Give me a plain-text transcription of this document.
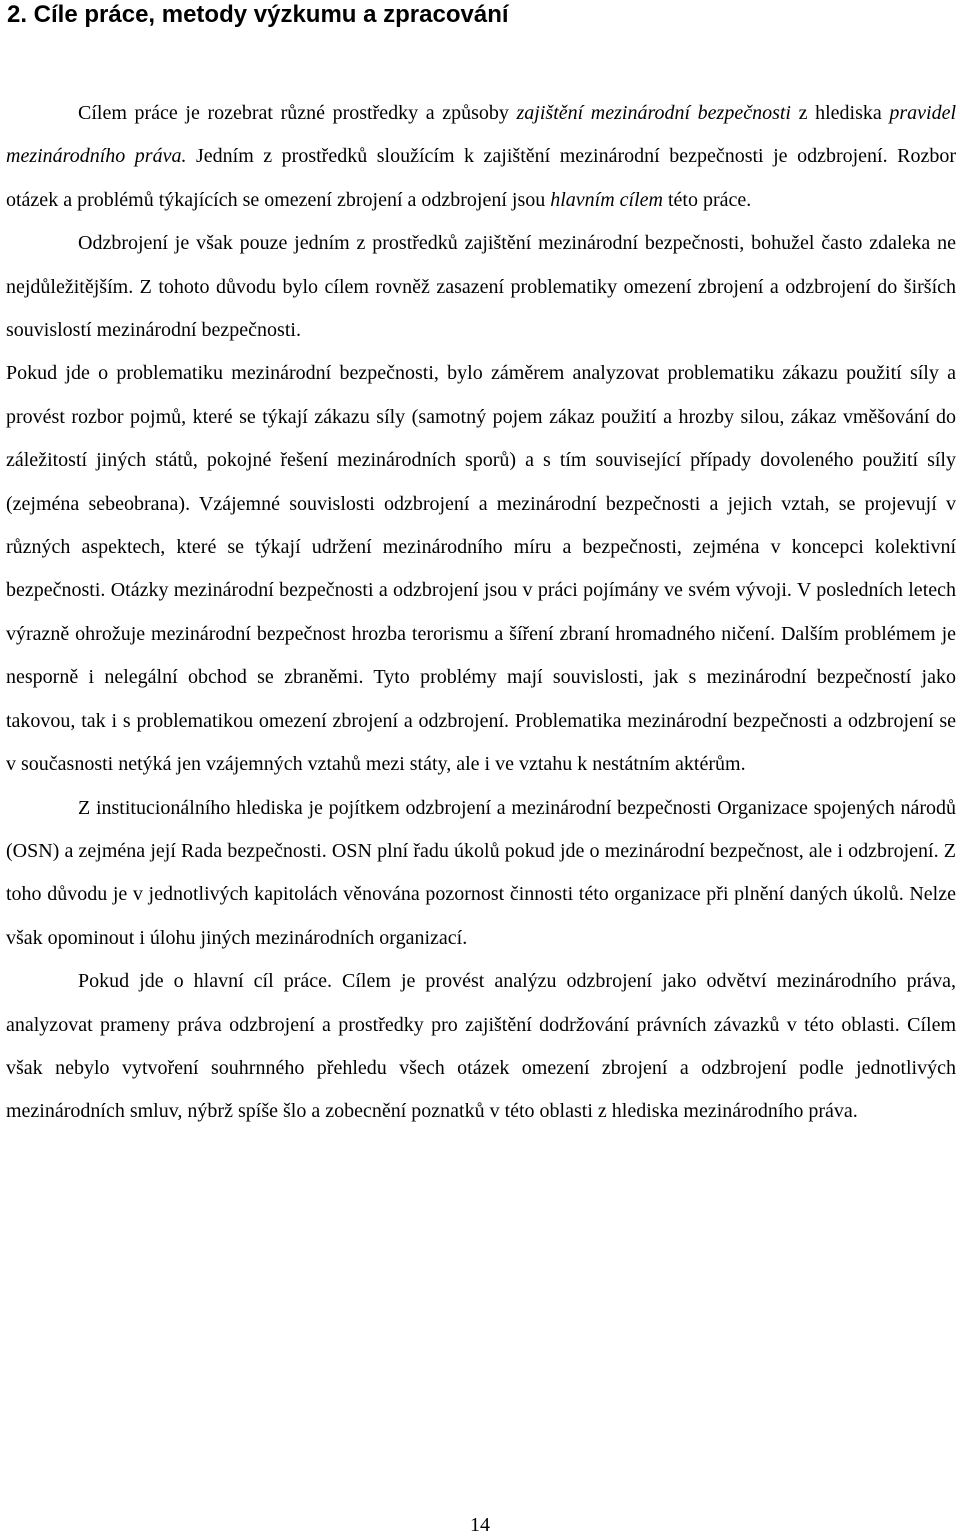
2. Cíle práce, metody výzkumu a zpracování

Cílem práce je rozebrat různé prostředky a způsoby zajištění mezinárodní bezpečnosti z hlediska pravidel mezinárodního práva. Jedním z prostředků sloužícím k zajištění mezinárodní bezpečnosti je odzbrojení. Rozbor otázek a problémů týkajících se omezení zbrojení a odzbrojení jsou hlavním cílem této práce.

Odzbrojení je však pouze jedním z prostředků zajištění mezinárodní bezpečnosti, bohužel často zdaleka ne nejdůležitějším. Z tohoto důvodu bylo cílem rovněž zasazení problematiky omezení zbrojení a odzbrojení do širších souvislostí mezinárodní bezpečnosti.

Pokud jde o problematiku mezinárodní bezpečnosti, bylo záměrem analyzovat problematiku zákazu použití síly a provést rozbor pojmů, které se týkají zákazu síly (samotný pojem zákaz použití a hrozby silou, zákaz vměšování do záležitostí jiných států, pokojné řešení mezinárodních sporů) a s tím související případy dovoleného použití síly (zejména sebeobrana). Vzájemné souvislosti odzbrojení a mezinárodní bezpečnosti a jejich vztah, se projevují v různých aspektech, které se týkají udržení mezinárodního míru a bezpečnosti, zejména v koncepci kolektivní bezpečnosti. Otázky mezinárodní bezpečnosti a odzbrojení jsou v práci pojímány ve svém vývoji. V posledních letech výrazně ohrožuje mezinárodní bezpečnost hrozba terorismu a šíření zbraní hromadného ničení. Dalším problémem je nesporně i nelegální obchod se zbraněmi. Tyto problémy mají souvislosti, jak s mezinárodní bezpečností jako takovou, tak i s problematikou omezení zbrojení a odzbrojení. Problematika mezinárodní bezpečnosti a odzbrojení se v současnosti netýká jen vzájemných vztahů mezi státy, ale i ve vztahu k nestátním aktérům.

Z institucionálního hlediska je pojítkem odzbrojení a mezinárodní bezpečnosti Organizace spojených národů (OSN) a zejména její Rada bezpečnosti. OSN plní řadu úkolů pokud jde o mezinárodní bezpečnost, ale i odzbrojení. Z toho důvodu je v jednotlivých kapitolách věnována pozornost činnosti této organizace při plnění daných úkolů. Nelze však opominout i úlohu jiných mezinárodních organizací.

Pokud jde o hlavní cíl práce. Cílem je provést analýzu odzbrojení jako odvětví mezinárodního práva, analyzovat prameny práva odzbrojení a prostředky pro zajištění dodržování právních závazků v této oblasti. Cílem však nebylo vytvoření souhrnného přehledu všech otázek omezení zbrojení a odzbrojení podle jednotlivých mezinárodních smluv, nýbrž spíše šlo a zobecnění poznatků v této oblasti z hlediska mezinárodního práva.

14
